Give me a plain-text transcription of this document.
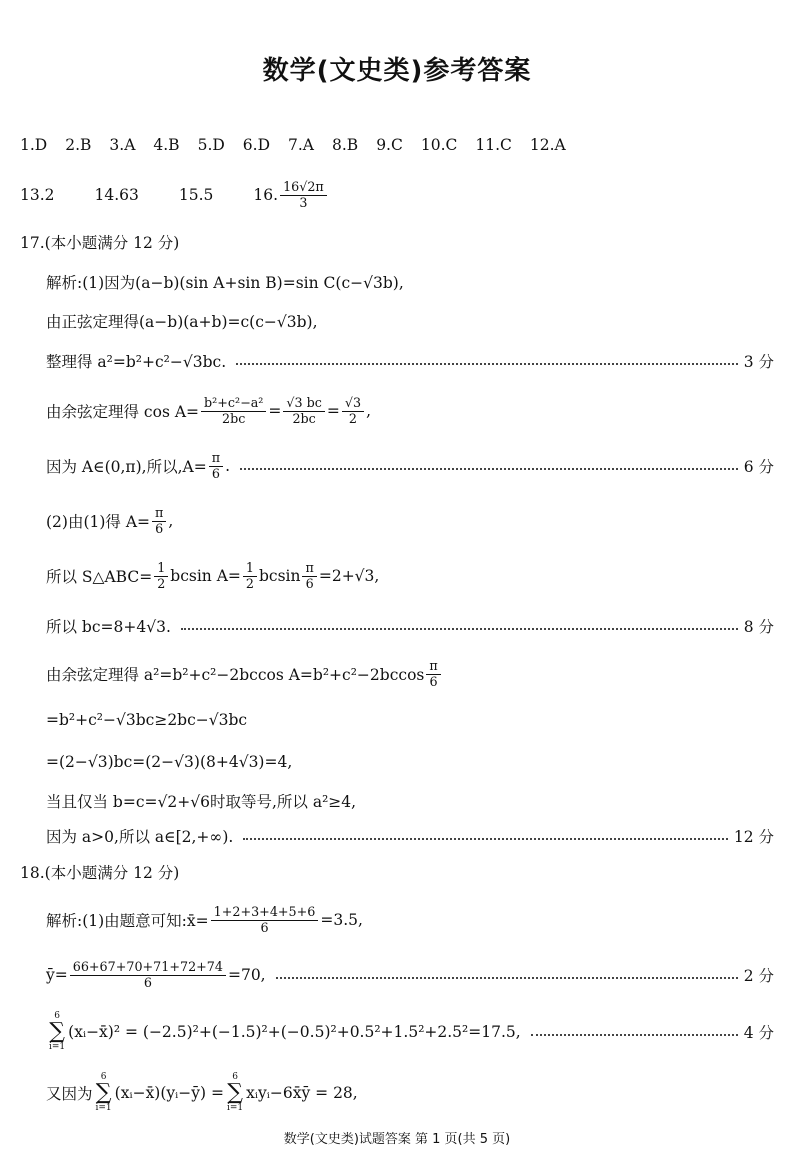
数学(文史类)参考答案
1.D 2.B 3.A 4.B 5.D 6.D 7.A 8.B 9.C 10.C 11.C 12.A
13.2	14.63	15.5	16. $\frac{16√2\pi}{3}$
17.(本小题满分 12 分)
解析:(1)因为(a−b)(sin A+sin B)=sin C(c−√3b),
由正弦定理得(a−b)(a+b)=c(c−√3b),
整理得 a²=b²+c²−√3bc.	3 分
由余弦定理得 $\cos A= \frac{\text{b²+c²−a²}}{2bc} = \frac{√3 bc}{2bc} = \frac{√3}{2}$ ,
因为 A∈(0,π),所以$,A= \frac{\pi}{6}$ .	6 分
(2)由(1)得 $A= \frac{\pi}{6}$ ,
所以 S△ABC= $\frac{1}{2}$ bcsin $A= \frac{1}{2}$ bcsin $\frac{\pi}{6} =2+√3$,
所以 bc=8+4√3.	8 分
由余弦定理得 a²=b²+c²−2bccos $A=b^2+c^2-2bccos \frac{\pi}{6}$
=b²+c²−√3bc≥2bc−√3bc
=(2−√3)bc=(2−√3)(8+4√3)=4,
当且仅当 b=c=√2+√6时取等号,所以 a²≥4,
因为 a>0,所以 a∈[2,+∞).	12 分
18.(本小题满分 12 分)
解析:(1)由题意可知:x̄= $\frac{1+2+3+4+5+6}{6} =3.5$,
ȳ= $\frac{66+67+70+71+72+74}{6} =70$,	2 分
6
∑
i=1
(xᵢ−x̄)² = (−2.5)²+(−1.5)²+(−0.5)²+0.5²+1.5²+2.5²=17.5,	4 分
又因为
6
∑
i=1
(xᵢ−x̄)(yᵢ−ȳ) =
6
∑
i=1
xᵢyᵢ−6x̄ȳ = 28,
数学(文史类)试题答案 第 1 页(共 5 页)
